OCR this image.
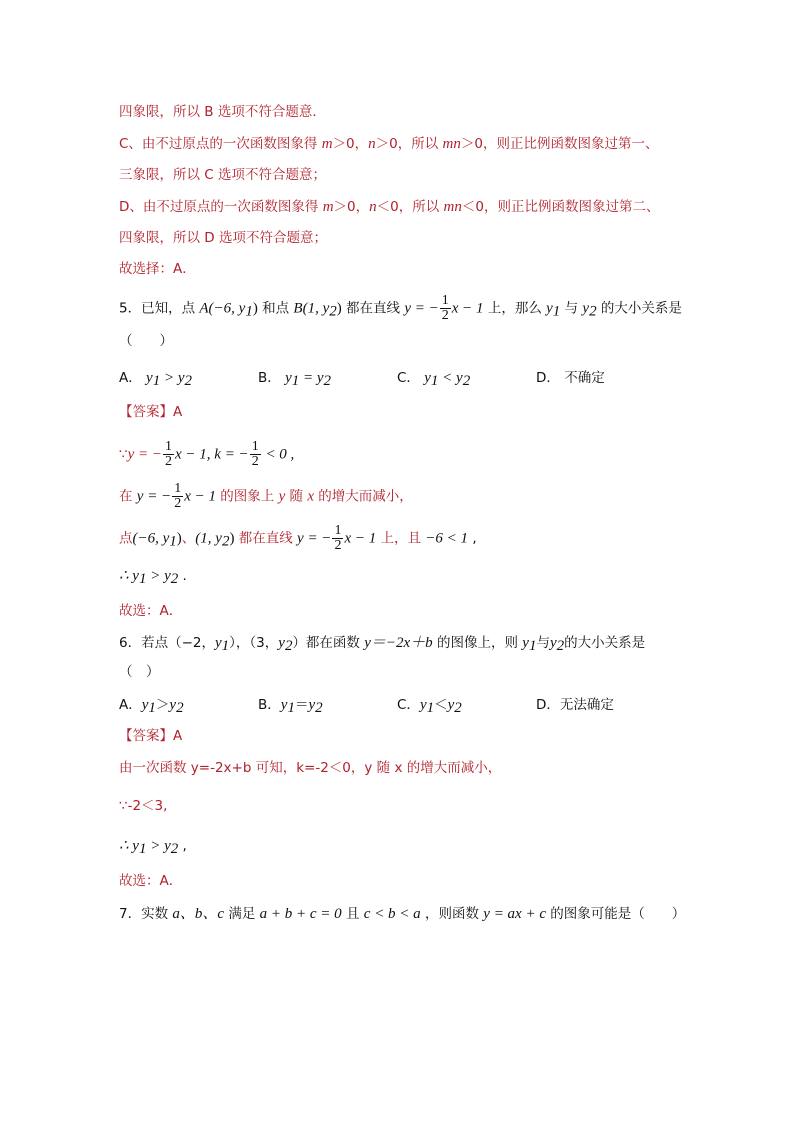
四象限，所以 B 选项不符合题意．
C、由不过原点的一次函数图象得 m＞0，n＞0，所以 mn＞0，则正比例函数图象过第一、
三象限，所以 C 选项不符合题意；
D、由不过原点的一次函数图象得 m＞0，n＜0，所以 mn＜0，则正比例函数图象过第二、
四象限，所以 D 选项不符合题意；
故选择：A．
5．已知，点 A(−6, $y_1$) 和点 B(1, $y_2$) 都在直线 y = − $\frac{1}{2}$ x − 1 上，那么 $y_1$ 与 $y_2$ 的大小关系是
（　　）
A． $y_1 > y_2$	B． $y_1 = y_2$	C． $y_1 < y_2$	D． 不确定
【答案】A
∵y = − $\frac{1}{2}$ x − 1, k = − $\frac{1}{2} < 0$ ,
在 y = − $\frac{1}{2}$ x − 1 的图象上 y 随 x 的增大而减小，
点(−6, $y_1$)、(1, $y_2$) 都在直线 y = − $\frac{1}{2}$ x − 1 上，且 −6 < 1 ,
∴ $y_1 > y_2$ .
故选：A．
6．若点（−2，$y_1$），（3，$y_2$）都在函数 y＝−2x＋b 的图像上，则 $y_1$与$y_2$的大小关系是
（　）
A．$y_1>y_2$	B．$y_1=y_2$	C．$y_1<y_2$	D．无法确定
【答案】A
由一次函数 y=-2x+b 可知，k=-2＜0，y 随 x 的增大而减小，
∵-2＜3,
∴ $y_1 > y_2$ ,
故选：A．
7．实数 a、b、c 满足 a + b + c = 0 且 c < b < a ，则函数 y = ax + c 的图象可能是（　　）
